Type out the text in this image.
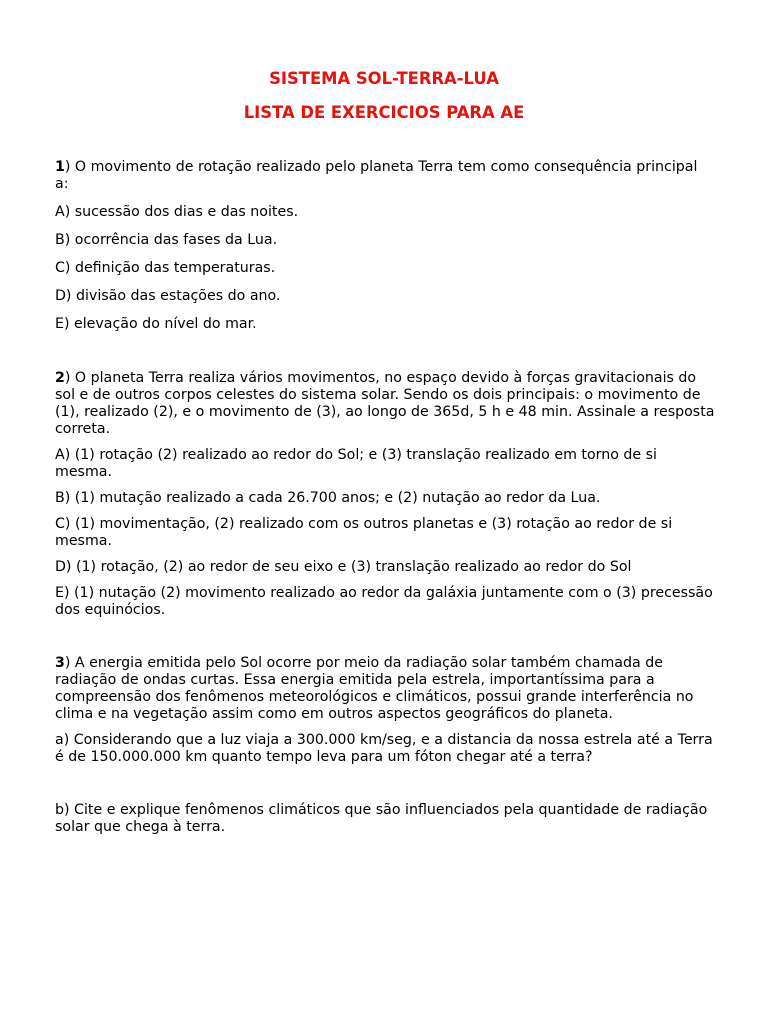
SISTEMA SOL-TERRA-LUA
LISTA DE EXERCICIOS PARA AE

1) O movimento de rotação realizado pelo planeta Terra tem como consequência principal a:

A) sucessão dos dias e das noites.

B) ocorrência das fases da Lua.

C) definição das temperaturas.

D) divisão das estações do ano.

E) elevação do nível do mar.

2) O planeta Terra realiza vários movimentos, no espaço devido à forças gravitacionais do sol e de outros corpos celestes do sistema solar. Sendo os dois principais: o movimento de (1), realizado (2), e o movimento de (3), ao longo de 365d, 5 h e 48 min. Assinale a resposta correta.

A) (1) rotação (2) realizado ao redor do Sol; e (3) translação realizado em torno de si mesma.

B) (1) mutação realizado a cada 26.700 anos; e (2) nutação ao redor da Lua.

C) (1) movimentação, (2) realizado com os outros planetas e (3) rotação ao redor de si mesma.

D) (1) rotação, (2) ao redor de seu eixo e (3) translação realizado ao redor do Sol

E) (1) nutação (2) movimento realizado ao redor da galáxia juntamente com o (3) precessão dos equinócios.

3) A energia emitida pelo Sol ocorre por meio da radiação solar também chamada de radiação de ondas curtas. Essa energia emitida pela estrela, importantíssima para a compreensão dos fenômenos meteorológicos e climáticos, possui grande interferência no clima e na vegetação assim como em outros aspectos geográficos do planeta.

a) Considerando que a luz viaja a 300.000 km/seg, e a distancia da nossa estrela até a Terra é de 150.000.000 km quanto tempo leva para um fóton chegar até a terra?

b) Cite e explique fenômenos climáticos que são influenciados pela quantidade de radiação solar que chega à terra.
